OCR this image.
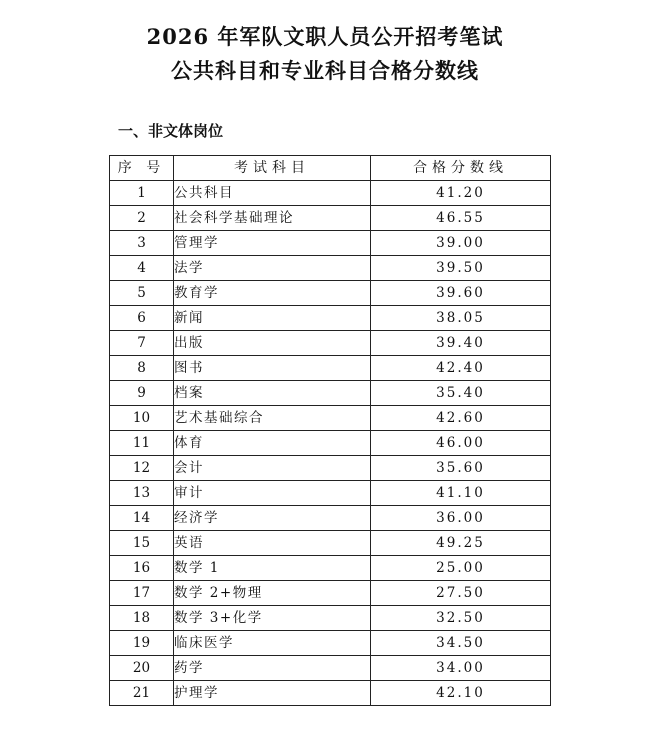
2026 年军队文职人员公开招考笔试
公共科目和专业科目合格分数线
一、非文体岗位
序 号	考试科目	合格分数线
1	公共科目	41.20
2	社会科学基础理论	46.55
3	管理学	39.00
4	法学	39.50
5	教育学	39.60
6	新闻	38.05
7	出版	39.40
8	图书	42.40
9	档案	35.40
10	艺术基础综合	42.60
11	体育	46.00
12	会计	35.60
13	审计	41.10
14	经济学	36.00
15	英语	49.25
16	数学 1	25.00
17	数学 2+物理	27.50
18	数学 3+化学	32.50
19	临床医学	34.50
20	药学	34.00
21	护理学	42.10
